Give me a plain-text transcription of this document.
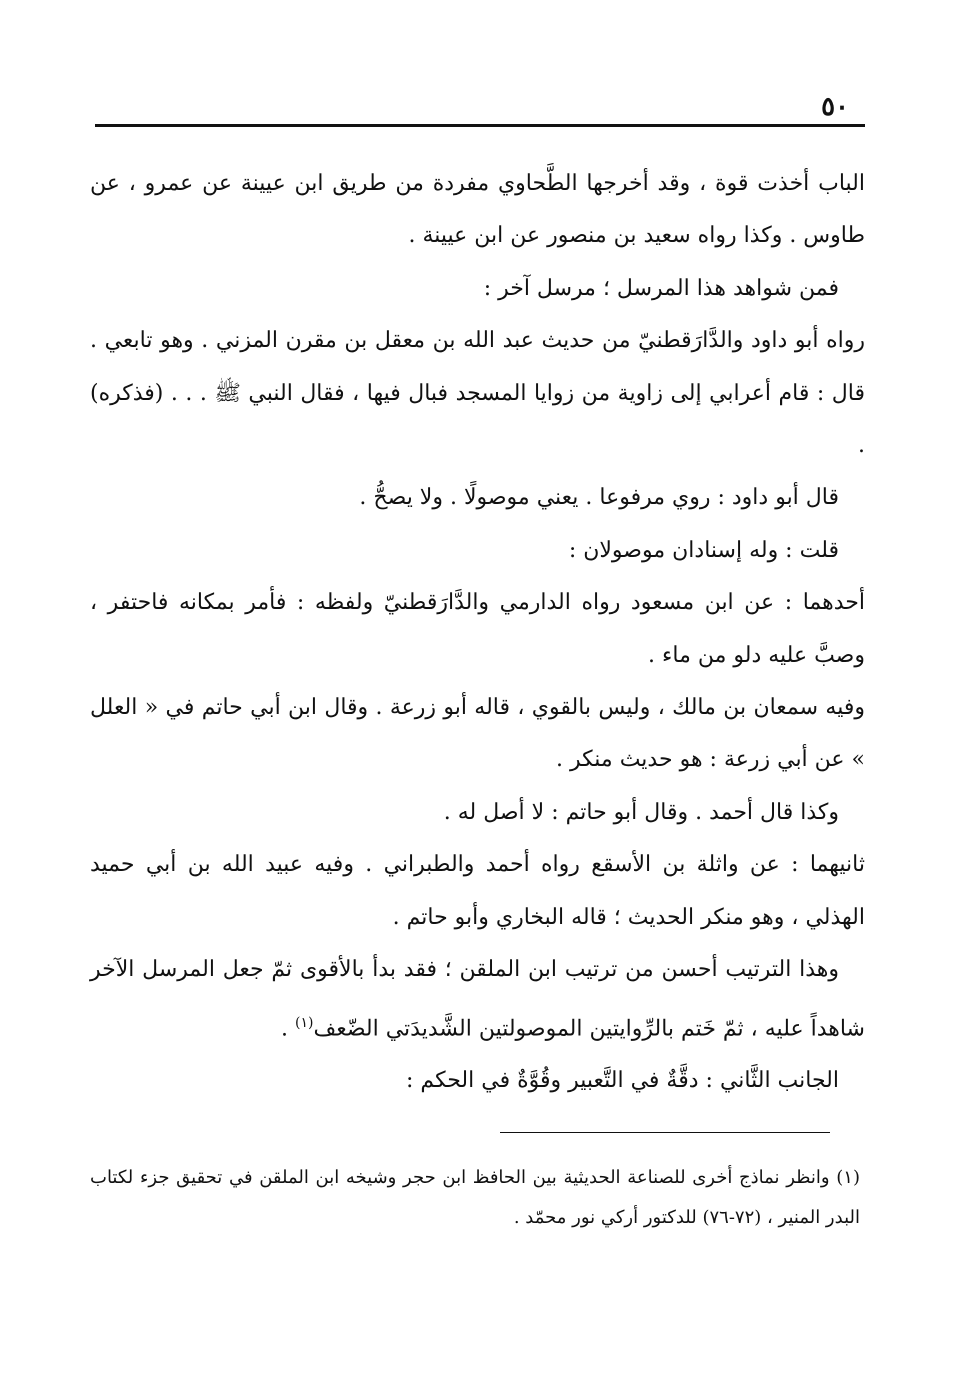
٥٠

الباب أخذت قوة ، وقد أخرجها الطَّحاوي مفردة من طريق ابن عيينة عن عمرو ، عن طاوس . وكذا رواه سعيد بن منصور عن ابن عيينة .

فمن شواهد هذا المرسل ؛ مرسل آخر :

رواه أبو داود والدَّارَقطنيّ من حديث عبد الله بن معقل بن مقرن المزني . وهو تابعي . قال : قام أعرابي إلى زاوية من زوايا المسجد فبال فيها ، فقال النبي ﷺ . . . (فذكره) .

قال أبو داود : روي مرفوعا . يعني موصولًا . ولا يصحُّ .

قلت : وله إسنادان موصولان :

أحدهما : عن ابن مسعود رواه الدارمي والدَّارَقطنيّ ولفظه : فأمر بمكانه فاحتفر ، وصبَّ عليه دلو من ماء .

وفيه سمعان بن مالك ، وليس بالقوي ، قاله أبو زرعة . وقال ابن أبي حاتم في « العلل » عن أبي زرعة : هو حديث منكر .

وكذا قال أحمد . وقال أبو حاتم : لا أصل له .

ثانيهما : عن واثلة بن الأسقع رواه أحمد والطبراني . وفيه عبيد الله بن أبي حميد الهذلي ، وهو منكر الحديث ؛ قاله البخاري وأبو حاتم .

وهذا الترتيب أحسن من ترتيب ابن الملقن ؛ فقد بدأ بالأقوى ثمّ جعل المرسل الآخر شاهداً عليه ، ثمّ خَتم بالرِّوايتين الموصولتين الشَّديدَتي الضّعف$^{(١)}$ .

الجانب الثَّاني : دقَّةٌ في التَّعبير وقُوَّةٌ في الحكم :

(١) وانظر نماذج أخرى للصناعة الحديثية بين الحافظ ابن حجر وشيخه ابن الملقن في تحقيق جزء لكتاب البدر المنير ، (٧٢-٧٦) للدكتور أركي نور محمّد .
